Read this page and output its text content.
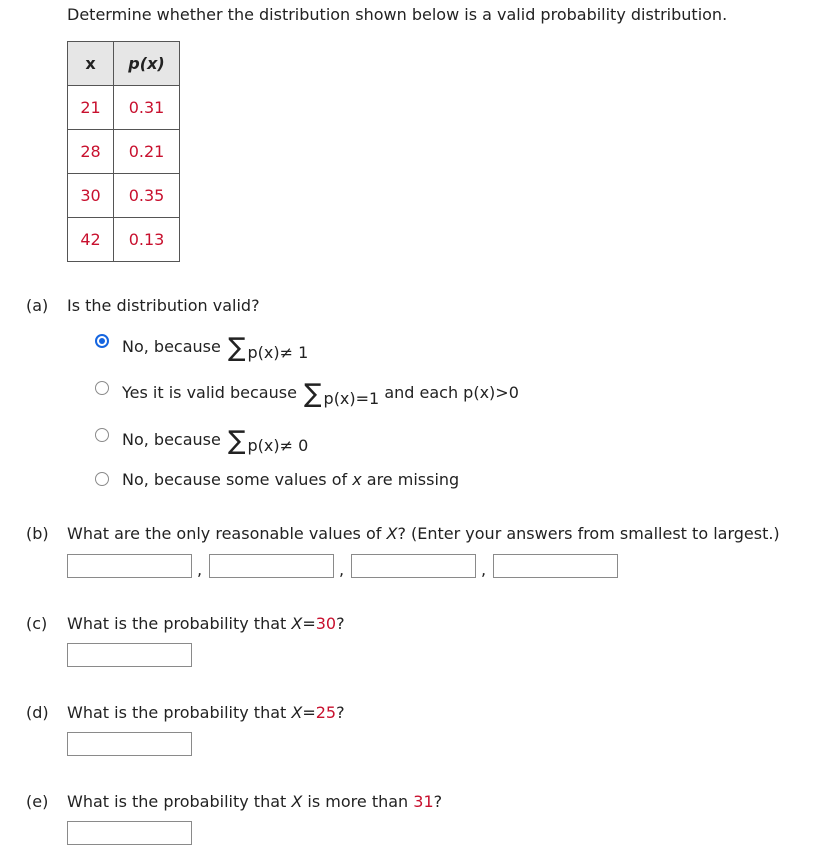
Determine whether the distribution shown below is a valid probability distribution.
x	p(x)
21	0.31
28	0.21
30	0.35
42	0.13
(a) Is the distribution valid?
No, because ∑ p(x)≠ 1
Yes it is valid because ∑ p(x)=1 and each p(x)>0
No, because ∑ p(x)≠ 0
No, because some values of x are missing
(b) What are the only reasonable values of X? (Enter your answers from smallest to largest.)
,	,	,
(c) What is the probability that X=30?
(d) What is the probability that X=25?
(e) What is the probability that X is more than 31?
